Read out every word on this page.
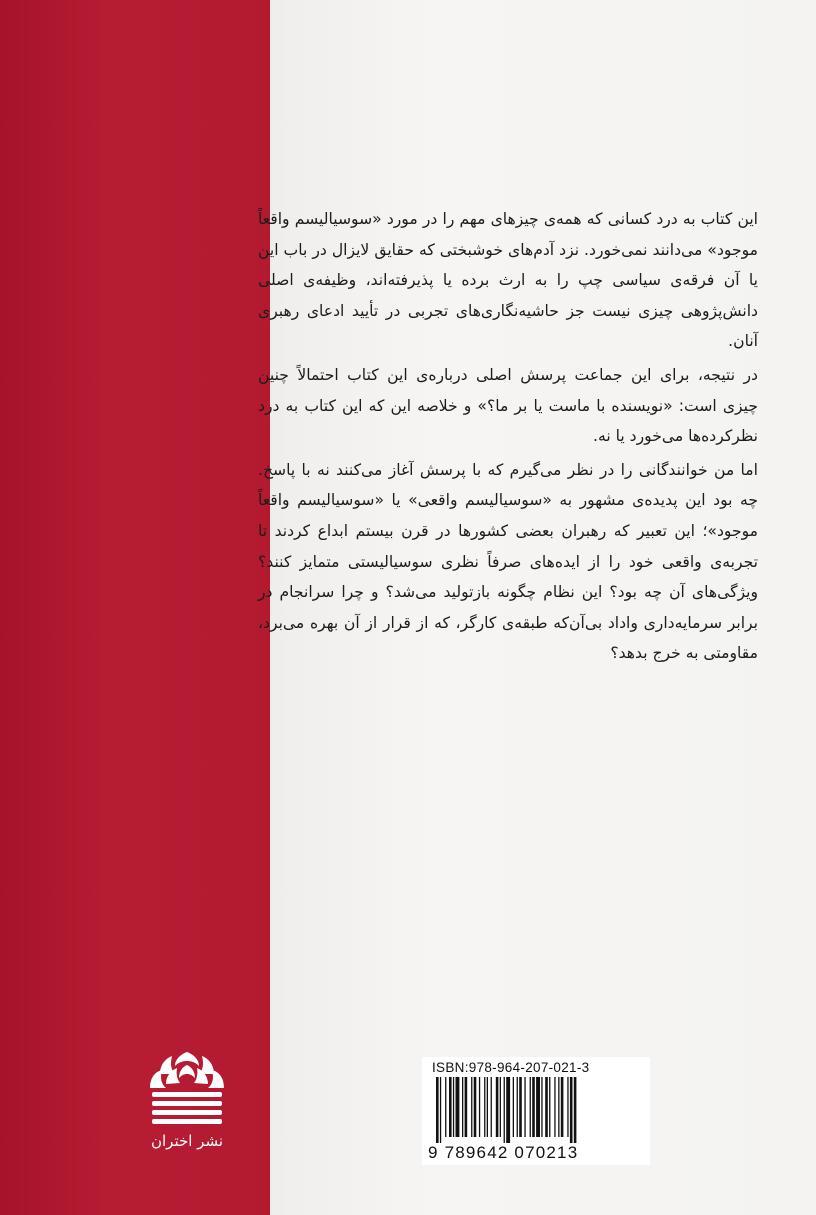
این کتاب به درد کسانی که همه‌ی چیزهای مهم را در مورد «سوسیالیسم واقعاً موجود» می‌دانند نمی‌خورد. نزد آدم‌های خوشبختی که حقایق لایزال در باب این یا آن فرقه‌ی سیاسی چپ را به ارث برده یا پذیرفته‌اند، وظیفه‌ی اصلی دانش‌پژوهی چیزی نیست جز حاشیه‌نگاری‌های تجربی در تأیید ادعای رهبری آنان.

در نتیجه، برای این جماعت پرسش اصلی درباره‌ی این کتاب احتمالاً چنین چیزی است: «نویسنده با ماست یا بر ما؟» و خلاصه این که این کتاب به درد نظرکرده‌ها می‌خورد یا نه.

اما من خوانندگانی را در نظر می‌گیرم که با پرسش آغاز می‌کنند نه با پاسخ. چه بود این پدیده‌ی مشهور به «سوسیالیسم واقعی» یا «سوسیالیسم واقعاً موجود»؛ این تعبیر که رهبران بعضی کشورها در قرن بیستم ابداع کردند تا تجربه‌ی واقعی خود را از ایده‌های صرفاً نظری سوسیالیستی متمایز کنند؟ ویژگی‌های آن چه بود؟ این نظام چگونه بازتولید می‌شد؟ و چرا سرانجام در برابر سرمایه‌داری واداد بی‌آن‌که طبقه‌ی کارگر، که از قرار از آن بهره می‌برد، مقاومتی به خرج بدهد؟

نشر اختران
ISBN:978-964-207-021-3
9 789642 070213
